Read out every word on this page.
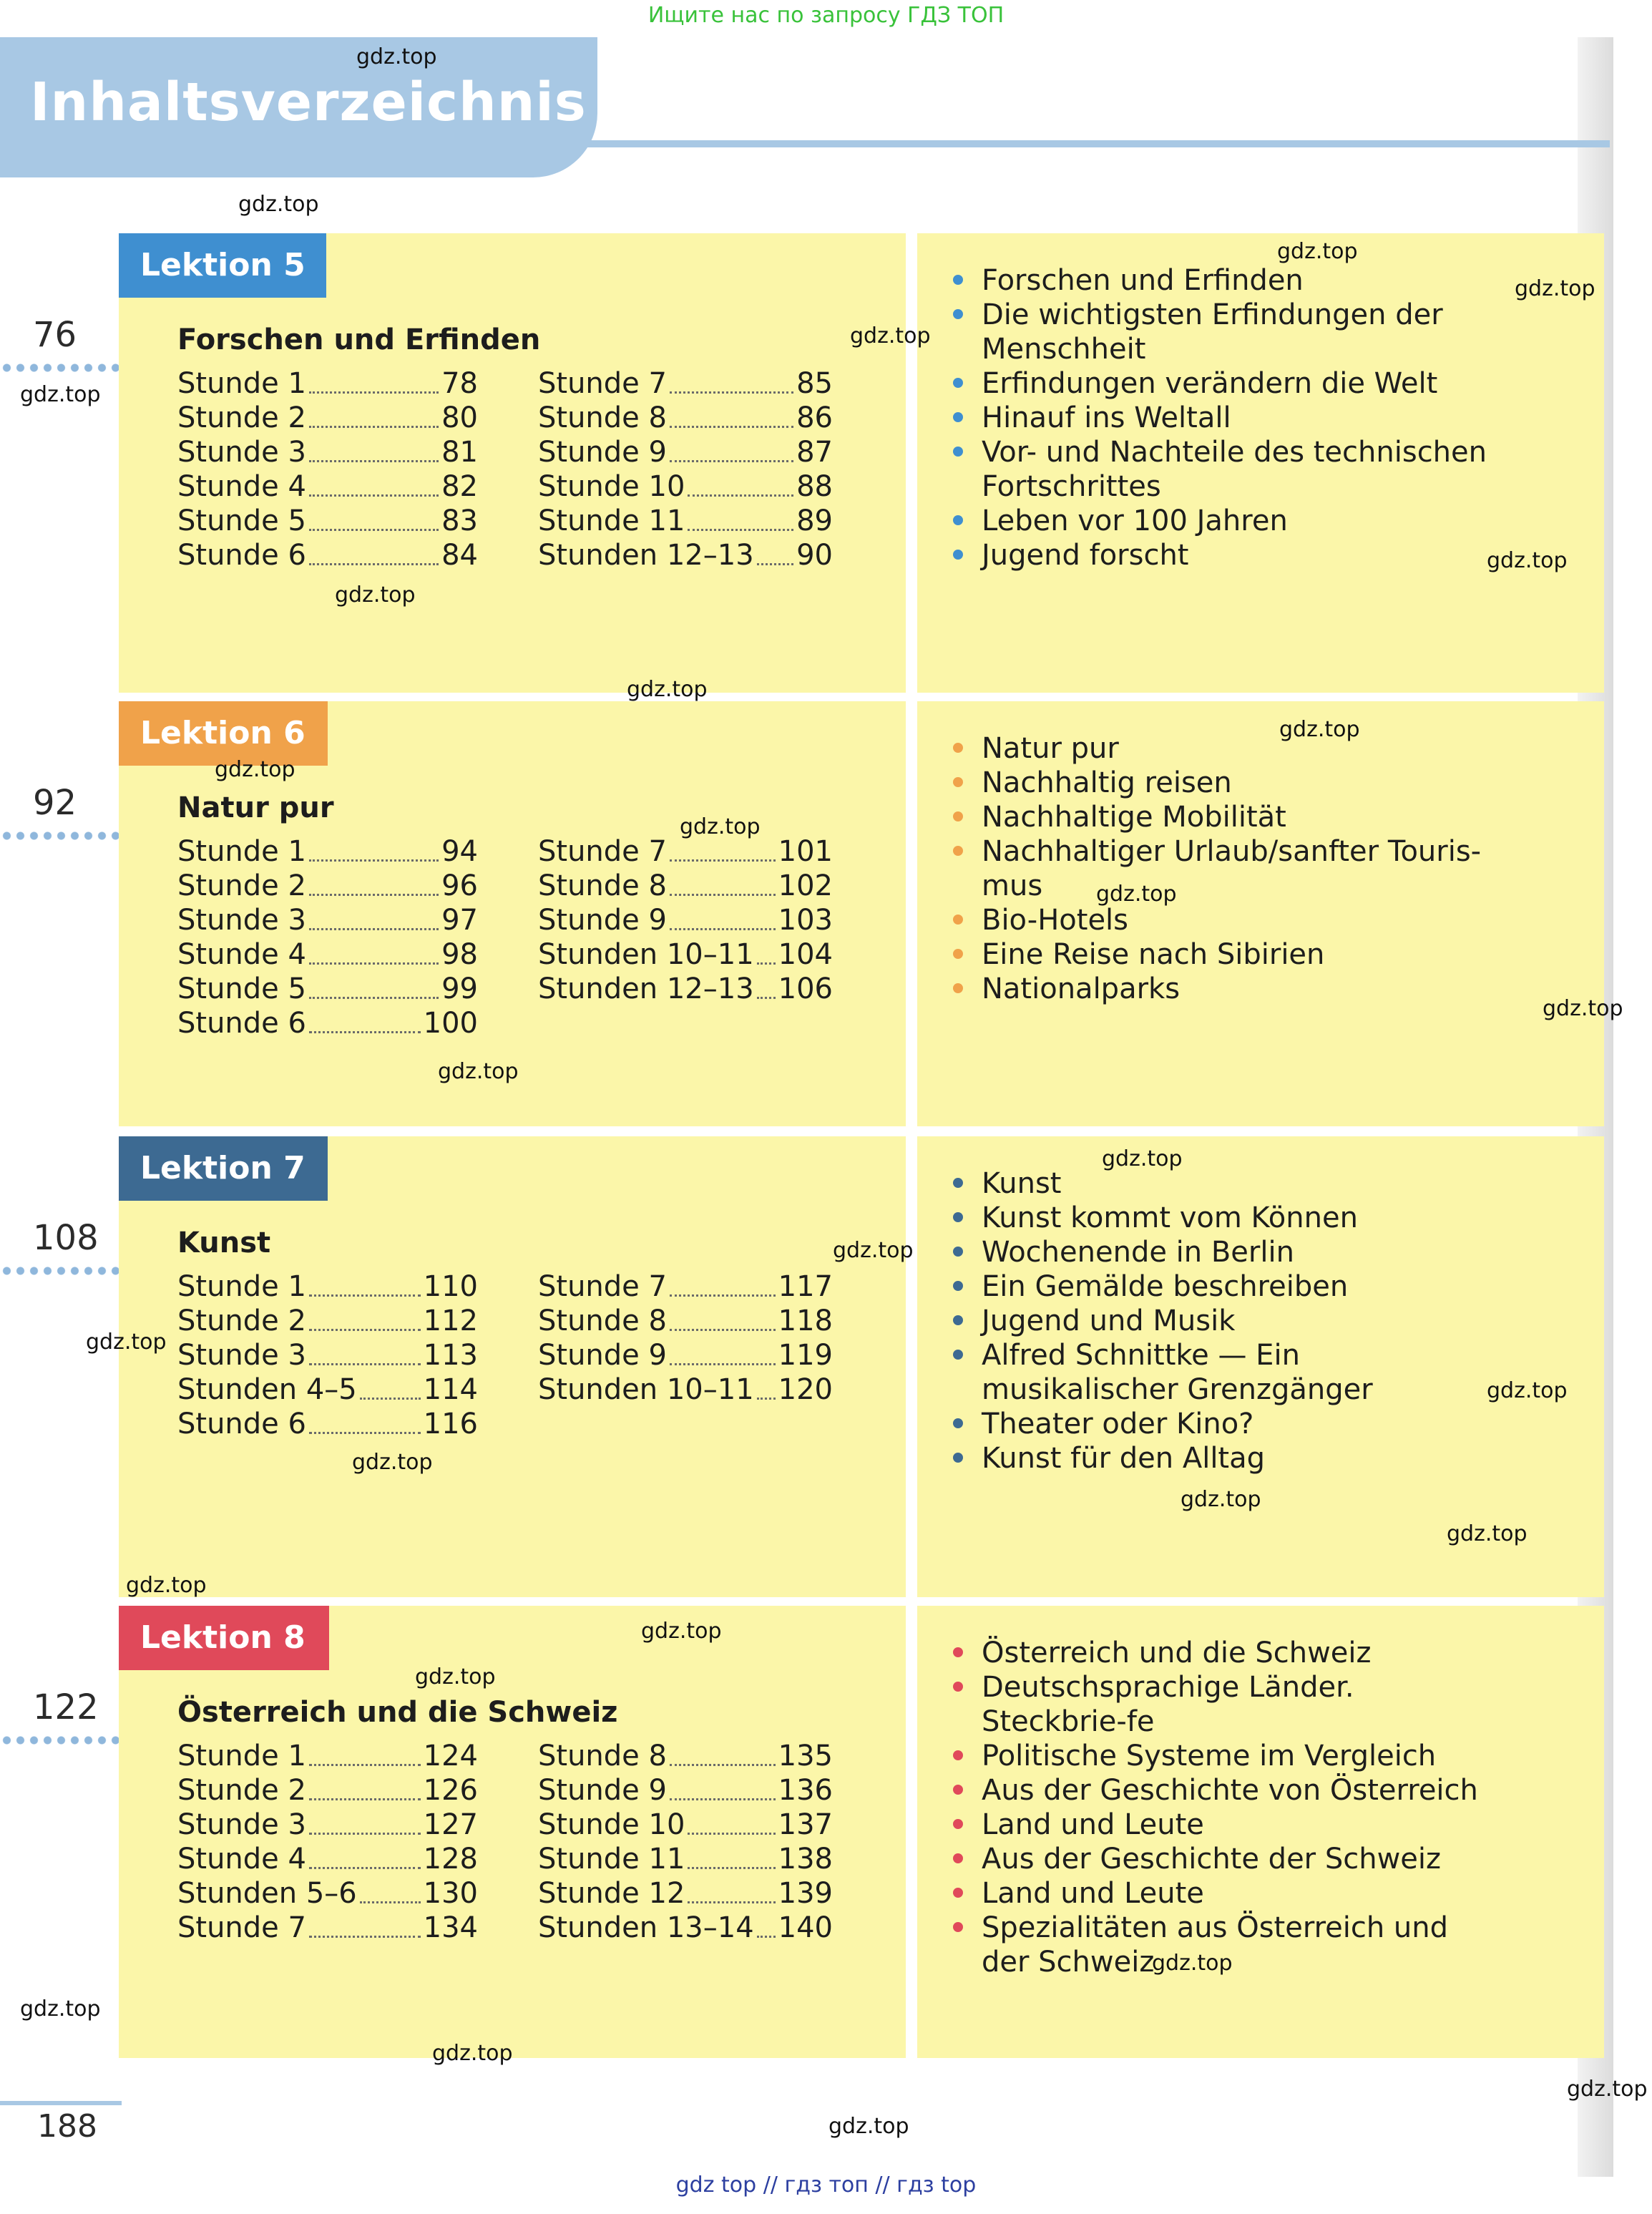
Ищите нас по запросу ГДЗ ТОП
Inhaltsverzeichnis
Lektion 5
76	Forschen und Erfinden
Stunde 1	78
Stunde 2	80
Stunde 3	81
Stunde 4	82
Stunde 5	83
Stunde 6	84
Stunde 7	85
Stunde 8	86
Stunde 9	87
Stunde 10	88
Stunde 11	89
Stunden 12–13 90
Forschen und Erfinden
Die wichtigsten Erfindungen der Menschheit
Erfindungen verändern die Welt
Hinauf ins Weltall
Vor- und Nachteile des technischen Fortschrittes
Leben vor 100 Jahren
Jugend forscht
Lektion 6
92	Natur pur
Stunde 1	94
Stunde 2	96
Stunde 3	97
Stunde 4	98
Stunde 5	99
Stunde 6	100
Stunde 7	101
Stunde 8	102
Stunde 9	103
Stunden 10–11 104
Stunden 12–13 106
Natur pur
Nachhaltig reisen
Nachhaltige Mobilität
Nachhaltiger Urlaub/sanfter Touris-mus
Bio-Hotels
Eine Reise nach Sibirien
Nationalparks
Lektion 7
108	Kunst
Stunde 1	110
Stunde 2	112
Stunde 3	113
Stunden 4–5 114
Stunde 6	116
Stunde 7	117
Stunde 8	118
Stunde 9	119
Stunden 10–11 120
Kunst
Kunst kommt vom Können
Wochenende in Berlin
Ein Gemälde beschreiben
Jugend und Musik
Alfred Schnittke — Ein musikalischer Grenzgänger
Theater oder Kino?
Kunst für den Alltag
Lektion 8
122	Österreich und die Schweiz
Stunde 1	124
Stunde 2	126
Stunde 3	127
Stunde 4	128
Stunden 5–6 130
Stunde 7	134
Stunde 8	135
Stunde 9	136
Stunde 10	137
Stunde 11	138
Stunde 12	139
Stunden 13–14 140
Österreich und die Schweiz
Deutschsprachige Länder. Steckbrie-fe
Politische Systeme im Vergleich
Aus der Geschichte von Österreich
Land und Leute
Aus der Geschichte der Schweiz
Land und Leute
Spezialitäten aus Österreich und der Schweiz
188
gdz top // гдз топ // гдз top
gdz.top
gdz.top
gdz.top
gdz.top
gdz.top
gdz.top
gdz.top
gdz.top
gdz.top
gdz.top
gdz.top
gdz.top
gdz.top
gdz.top
gdz.top
gdz.top
gdz.top
gdz.top
gdz.top
gdz.top
gdz.top
gdz.top
gdz.top
gdz.top
gdz.top
gdz.top
gdz.top
gdz.top
gdz.top
gdz.top
